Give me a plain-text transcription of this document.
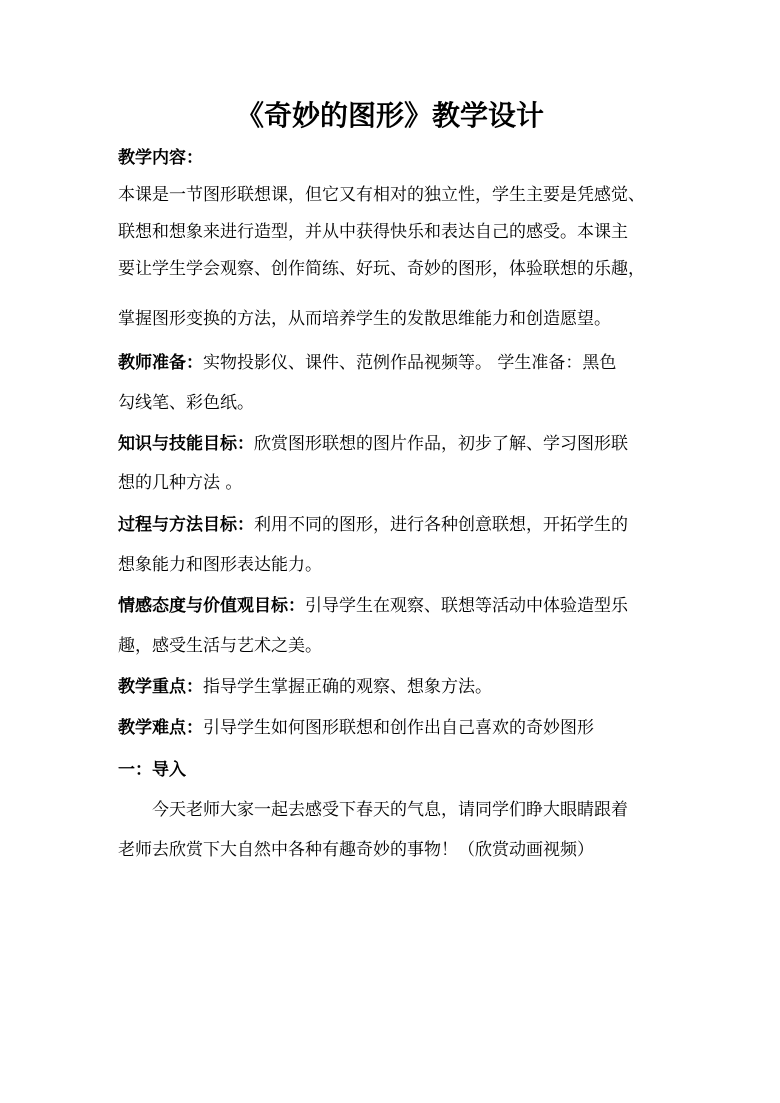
《奇妙的图形》教学设计
教学内容：
本课是一节图形联想课，但它又有相对的独立性，学生主要是凭感觉、
联想和想象来进行造型，并从中获得快乐和表达自己的感受。本课主
要让学生学会观察、创作简练、好玩、奇妙的图形，体验联想的乐趣，
掌握图形变换的方法，从而培养学生的发散思维能力和创造愿望。
教师准备：实物投影仪、课件、范例作品视频等。 学生准备：黑色
勾线笔、彩色纸。
知识与技能目标：欣赏图形联想的图片作品，初步了解、学习图形联
想的几种方法 。
过程与方法目标：利用不同的图形，进行各种创意联想，开拓学生的
想象能力和图形表达能力。
情感态度与价值观目标：引导学生在观察、联想等活动中体验造型乐
趣，感受生活与艺术之美。
教学重点：指导学生掌握正确的观察、想象方法。
教学难点：引导学生如何图形联想和创作出自己喜欢的奇妙图形
一：导入
今天老师大家一起去感受下春天的气息，请同学们睁大眼睛跟着
老师去欣赏下大自然中各种有趣奇妙的事物！（欣赏动画视频）
